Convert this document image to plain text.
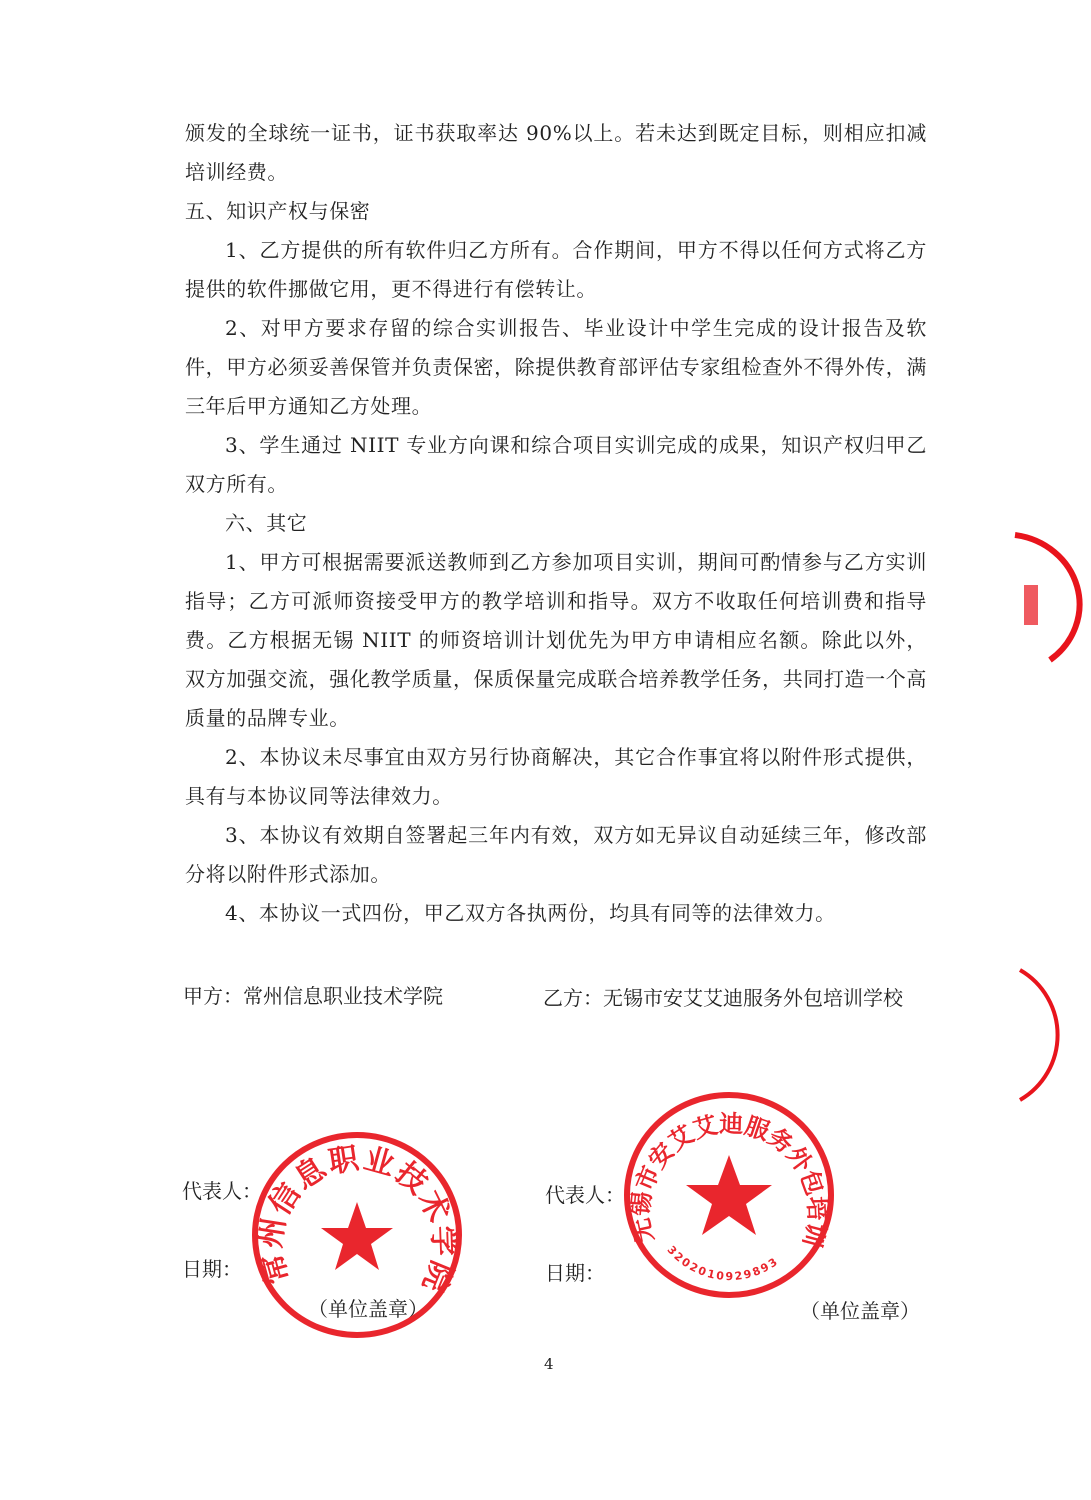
颁发的全球统一证书，证书获取率达 90%以上。若未达到既定目标，则相应扣减培训经费。

五、知识产权与保密

1、乙方提供的所有软件归乙方所有。合作期间，甲方不得以任何方式将乙方提供的软件挪做它用，更不得进行有偿转让。

2、对甲方要求存留的综合实训报告、毕业设计中学生完成的设计报告及软件，甲方必须妥善保管并负责保密，除提供教育部评估专家组检查外不得外传，满三年后甲方通知乙方处理。

3、学生通过 NIIT 专业方向课和综合项目实训完成的成果，知识产权归甲乙双方所有。

六、其它

1、甲方可根据需要派送教师到乙方参加项目实训，期间可酌情参与乙方实训指导；乙方可派师资接受甲方的教学培训和指导。双方不收取任何培训费和指导费。乙方根据无锡 NIIT 的师资培训计划优先为甲方申请相应名额。除此以外，双方加强交流，强化教学质量，保质保量完成联合培养教学任务，共同打造一个高质量的品牌专业。

2、本协议未尽事宜由双方另行协商解决，其它合作事宜将以附件形式提供，具有与本协议同等法律效力。

3、本协议有效期自签署起三年内有效，双方如无异议自动延续三年，修改部分将以附件形式添加。

4、本协议一式四份，甲乙双方各执两份，均具有同等的法律效力。

甲方：常州信息职业技术学院	乙方：无锡市安艾艾迪服务外包培训学校
代表人：
日期：
（单位盖章）
代表人：
日期：
（单位盖章）
常州信息职业技术学院
无锡市安艾艾迪服务外包培训学校
3202010929893
4
